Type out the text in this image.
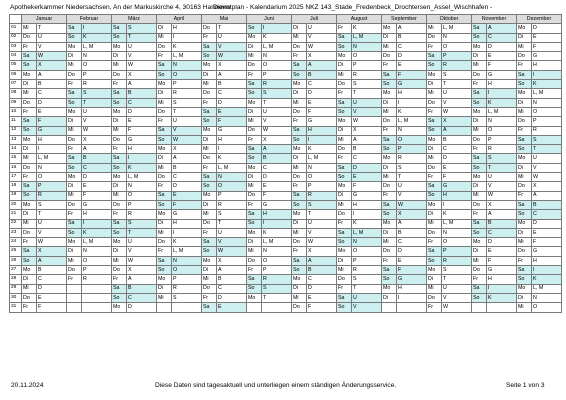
Apothekerkammer Niedersachsen, An der Markuskirche 4, 30163 Hannover
Dienstplan - Kalendarium 2025 NKZ 143_Stade_Fredenbeck_Drochtersen_Assel_Wischhafen -
	Januar		Februar		März		April		Mai		Juni		Juli		August		September		Oktober		November		Dezember	
01	Mi	T	Sa	I	Sa	S	Di	H	Do	T	So	I	Di	U	Fr	K	Mo	A	Mi	L, M	Sa	A	Mo	D
02	Do	U	So	K	So	T	Mi	I	Fr	U	Mo	K	Mi	V	Sa	L, M	Di	B	Do	N	So	C	Di	E
03	Fr	V	Mo	L, M	Mo	U	Do	K	Sa	V	Di	L, M	Do	W	So	N	Mi	C	Fr	O	Mo	D	Mi	F
04	Sa	W	Di	N	Di	V	Fr	L, M	So	W	Mi	N	Fr	X	Mo	O	Do	D	Sa	P	Di	E	Do	G
05	So	X	Mi	O	Mi	W	Sa	N	Mo	X	Do	O	Sa	A	Di	P	Fr	E	So	R	Mi	F	Fr	H
06	Mo	A	Do	P	Do	X	So	O	Di	A	Fr	P	So	B	Mi	R	Sa	F	Mo	S	Do	G	Sa	I
07	Di	B	Fr	R	Fr	A	Mo	P	Mi	B	Sa	R	Mo	C	Do	S	So	G	Di	T	Fr	H	So	K
08	Mi	C	Sa	S	Sa	B	Di	R	Do	C	So	S	Di	D	Fr	T	Mo	H	Mi	U	Sa	I	Mo	L, M
09	Do	D	So	T	So	C	Mi	S	Fr	D	Mo	T	Mi	E	Sa	U	Di	I	Do	V	So	K	Di	N
10	Fr	E	Mo	U	Mo	D	Do	T	Sa	E	Di	U	Do	F	So	V	Mi	K	Fr	W	Mo	L, M	Mi	O
11	Sa	F	Di	V	Di	E	Fr	U	So	F	Mi	V	Fr	G	Mo	W	Do	L, M	Sa	X	Di	N	Do	P
12	So	G	Mi	W	Mi	F	Sa	V	Mo	G	Do	W	Sa	H	Di	X	Fr	N	So	A	Mi	O	Fr	R
13	Mo	H	Do	X	Do	G	So	W	Di	H	Fr	X	So	I	Mi	A	Sa	O	Mo	B	Do	P	Sa	S
14	Di	I	Fr	A	Fr	H	Mo	X	Mi	I	Sa	A	Mo	K	Do	B	So	P	Di	C	Fr	R	So	T
15	Mi	L, M	Sa	B	Sa	I	Di	A	Do	K	So	B	Di	L, M	Fr	C	Mo	R	Mi	D	Sa	S	Mo	U
16	Do	N	So	C	So	K	Mi	B	Fr	L, M	Mo	C	Mi	N	Sa	D	Di	S	Do	E	So	T	Di	V
17	Fr	O	Mo	D	Mo	L, M	Do	C	Sa	N	Di	D	Do	O	So	E	Mi	T	Fr	F	Mo	U	Mi	W
18	Sa	P	Di	E	Di	N	Fr	D	So	O	Mi	E	Fr	P	Mo	F	Do	U	Sa	G	Di	V	Do	X
19	So	R	Mi	F	Mi	O	Sa	E	Mo	P	Do	F	Sa	R	Di	G	Fr	V	So	H	Mi	W	Fr	A
20	Mo	S	Do	G	Do	P	So	F	Di	R	Fr	G	So	S	Mi	H	Sa	W	Mo	I	Do	X	Sa	B
21	Di	T	Fr	H	Fr	R	Mo	G	Mi	S	Sa	H	Mo	T	Do	I	So	X	Di	K	Fr	A	So	C
22	Mi	U	Sa	I	Sa	S	Di	H	Do	T	So	I	Di	U	Fr	K	Mo	A	Mi	L, M	Sa	B	Mo	D
23	Do	V	So	K	So	T	Mi	I	Fr	U	Mo	K	Mi	V	Sa	L, M	Di	B	Do	N	So	C	Di	E
24	Fr	W	Mo	L, M	Mo	U	Do	K	Sa	V	Di	L, M	Do	W	So	N	Mi	C	Fr	O	Mo	D	Mi	F
25	Sa	X	Di	N	Di	V	Fr	L, M	So	W	Mi	N	Fr	X	Mo	O	Do	D	Sa	P	Di	E	Do	G
26	So	A	Mi	O	Mi	W	Sa	N	Mo	X	Do	O	Sa	A	Di	P	Fr	E	So	R	Mi	F	Fr	H
27	Mo	B	Do	P	Do	X	So	O	Di	A	Fr	P	So	B	Mi	R	Sa	F	Mo	S	Do	G	Sa	I
28	Di	C	Fr	R	Fr	A	Mo	P	Mi	B	Sa	R	Mo	C	Do	S	So	G	Di	T	Fr	H	So	K
29	Mi	D			Sa	B	Di	R	Do	C	So	S	Di	D	Fr	T	Mo	H	Mi	U	Sa	I	Mo	L, M
30	Do	E			So	C	Mi	S	Fr	D	Mo	T	Mi	E	Sa	U	Di	I	Do	V	So	K	Di	N
31	Fr	F			Mo	D			Sa	E			Do	F	So	V			Fr	W			Mi	O
20.11.2024	Diese Daten sind tagesaktuell und unterliegen einem ständigen Änderungsservice.	Seite 1 von 3
